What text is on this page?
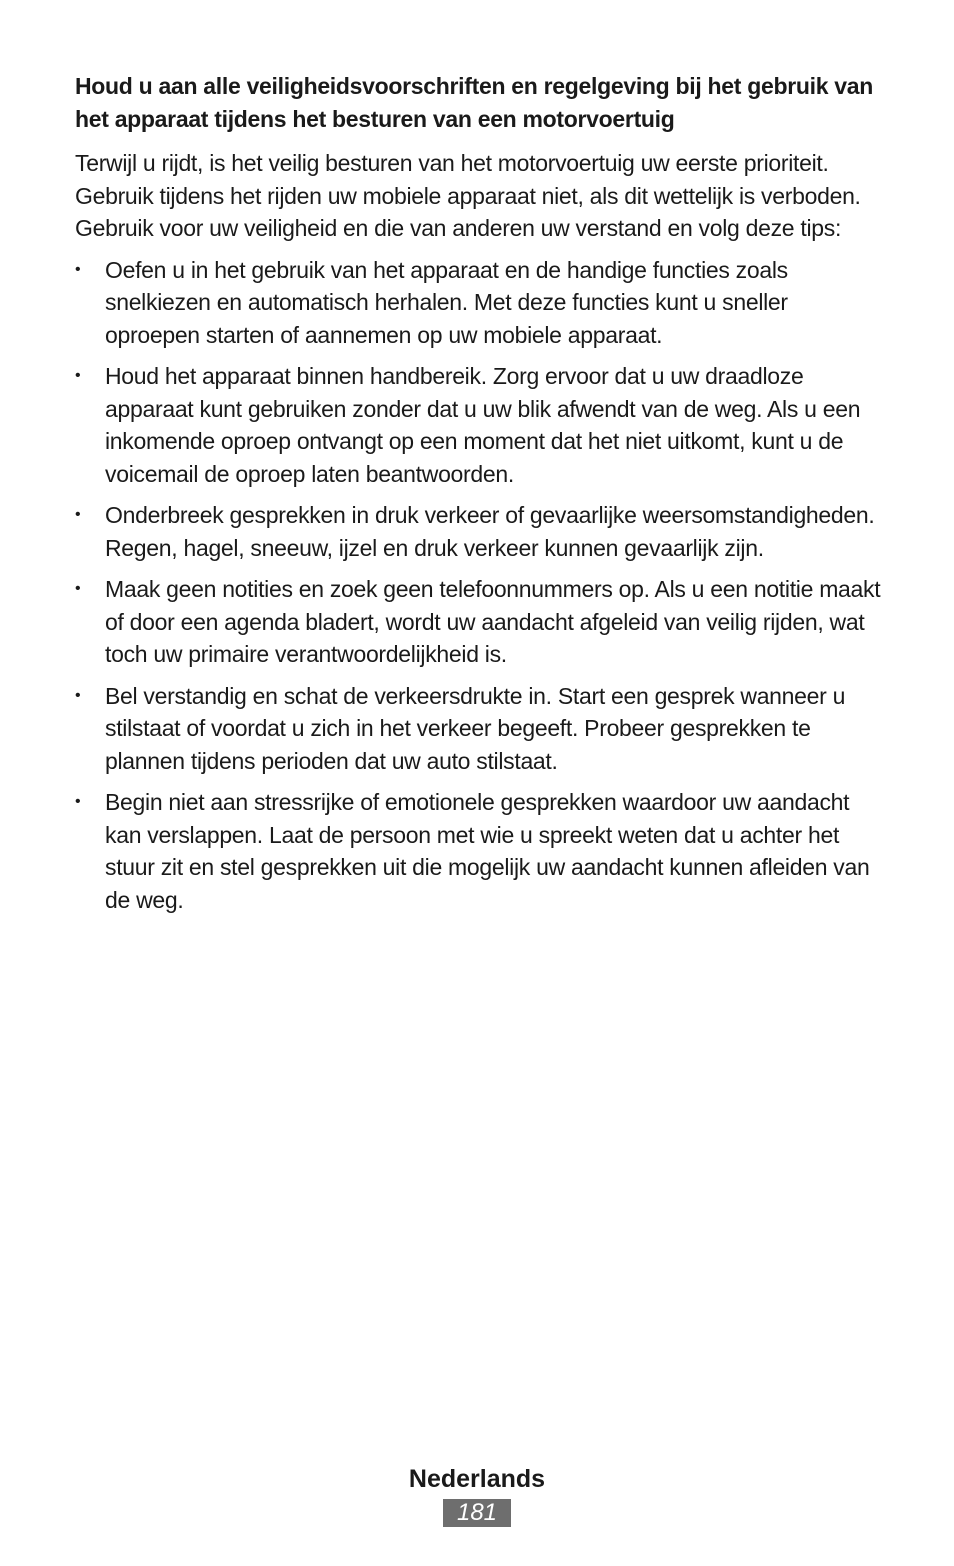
Houd u aan alle veiligheidsvoorschriften en regelgeving bij het gebruik van het apparaat tijdens het besturen van een motorvoertuig

Terwijl u rijdt, is het veilig besturen van het motorvoertuig uw eerste prioriteit. Gebruik tijdens het rijden uw mobiele apparaat niet, als dit wettelijk is verboden. Gebruik voor uw veiligheid en die van anderen uw verstand en volg deze tips:

• Oefen u in het gebruik van het apparaat en de handige functies zoals snelkiezen en automatisch herhalen. Met deze functies kunt u sneller oproepen starten of aannemen op uw mobiele apparaat.
• Houd het apparaat binnen handbereik. Zorg ervoor dat u uw draadloze apparaat kunt gebruiken zonder dat u uw blik afwendt van de weg. Als u een inkomende oproep ontvangt op een moment dat het niet uitkomt, kunt u de voicemail de oproep laten beantwoorden.
• Onderbreek gesprekken in druk verkeer of gevaarlijke weersomstandigheden. Regen, hagel, sneeuw, ijzel en druk verkeer kunnen gevaarlijk zijn.
• Maak geen notities en zoek geen telefoonnummers op. Als u een notitie maakt of door een agenda bladert, wordt uw aandacht afgeleid van veilig rijden, wat toch uw primaire verantwoordelijkheid is.
• Bel verstandig en schat de verkeersdrukte in. Start een gesprek wanneer u stilstaat of voordat u zich in het verkeer begeeft. Probeer gesprekken te plannen tijdens perioden dat uw auto stilstaat.
• Begin niet aan stressrijke of emotionele gesprekken waardoor uw aandacht kan verslappen. Laat de persoon met wie u spreekt weten dat u achter het stuur zit en stel gesprekken uit die mogelijk uw aandacht kunnen afleiden van de weg.

Nederlands

181
